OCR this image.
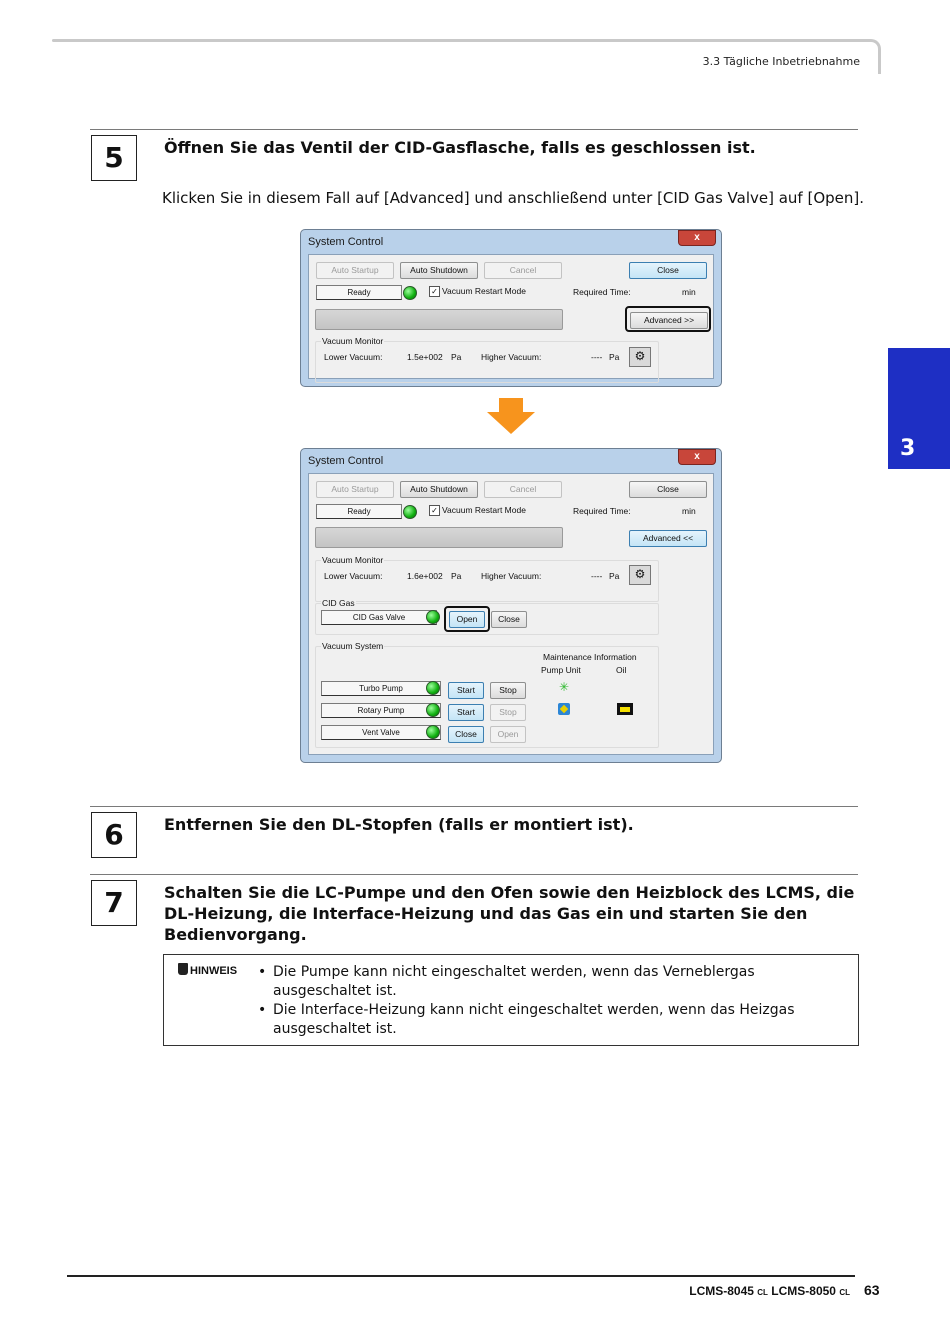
3.3 Tägliche Inbetriebnahme
3
5	Öffnen Sie das Ventil der CID-Gasflasche, falls es geschlossen ist.
Klicken Sie in diesem Fall auf [Advanced] und anschließend unter [CID Gas Valve] auf [Open].
System Control	x
Auto Startup	Auto Shutdown	Cancel	Close
Ready	✓ Vacuum Restart Mode	Required Time:	min
Advanced >>
Vacuum Monitor
Lower Vacuum:	1.5e+002 Pa Higher Vacuum:	---- Pa	⚙
System Control	x
Auto Startup	Auto Shutdown	Cancel	Close
Ready	✓ Vacuum Restart Mode	Required Time:	min
Advanced <<
Vacuum Monitor
Lower Vacuum:	1.6e+002 Pa Higher Vacuum:	---- Pa	⚙
CID Gas
CID Gas Valve	Open	Close
Vacuum System
Maintenance Information
Pump Unit	Oil
Turbo Pump	Start	Stop	✳
Rotary Pump	Start	Stop
Vent Valve	Close	Open
6	Entfernen Sie den DL-Stopfen (falls er montiert ist).
7	Schalten Sie die LC-Pumpe und den Ofen sowie den Heizblock des LCMS, die DL-Heizung, die Interface-Heizung und das Gas ein und starten Sie den Bedienvorgang.
HINWEIS
•	Die Pumpe kann nicht eingeschaltet werden, wenn das Verneblergas ausgeschaltet ist.
• Die Interface-Heizung kann nicht eingeschaltet werden, wenn das Heizgas ausgeschaltet ist.
LCMS-8045 CL LCMS-8050 CL 63
